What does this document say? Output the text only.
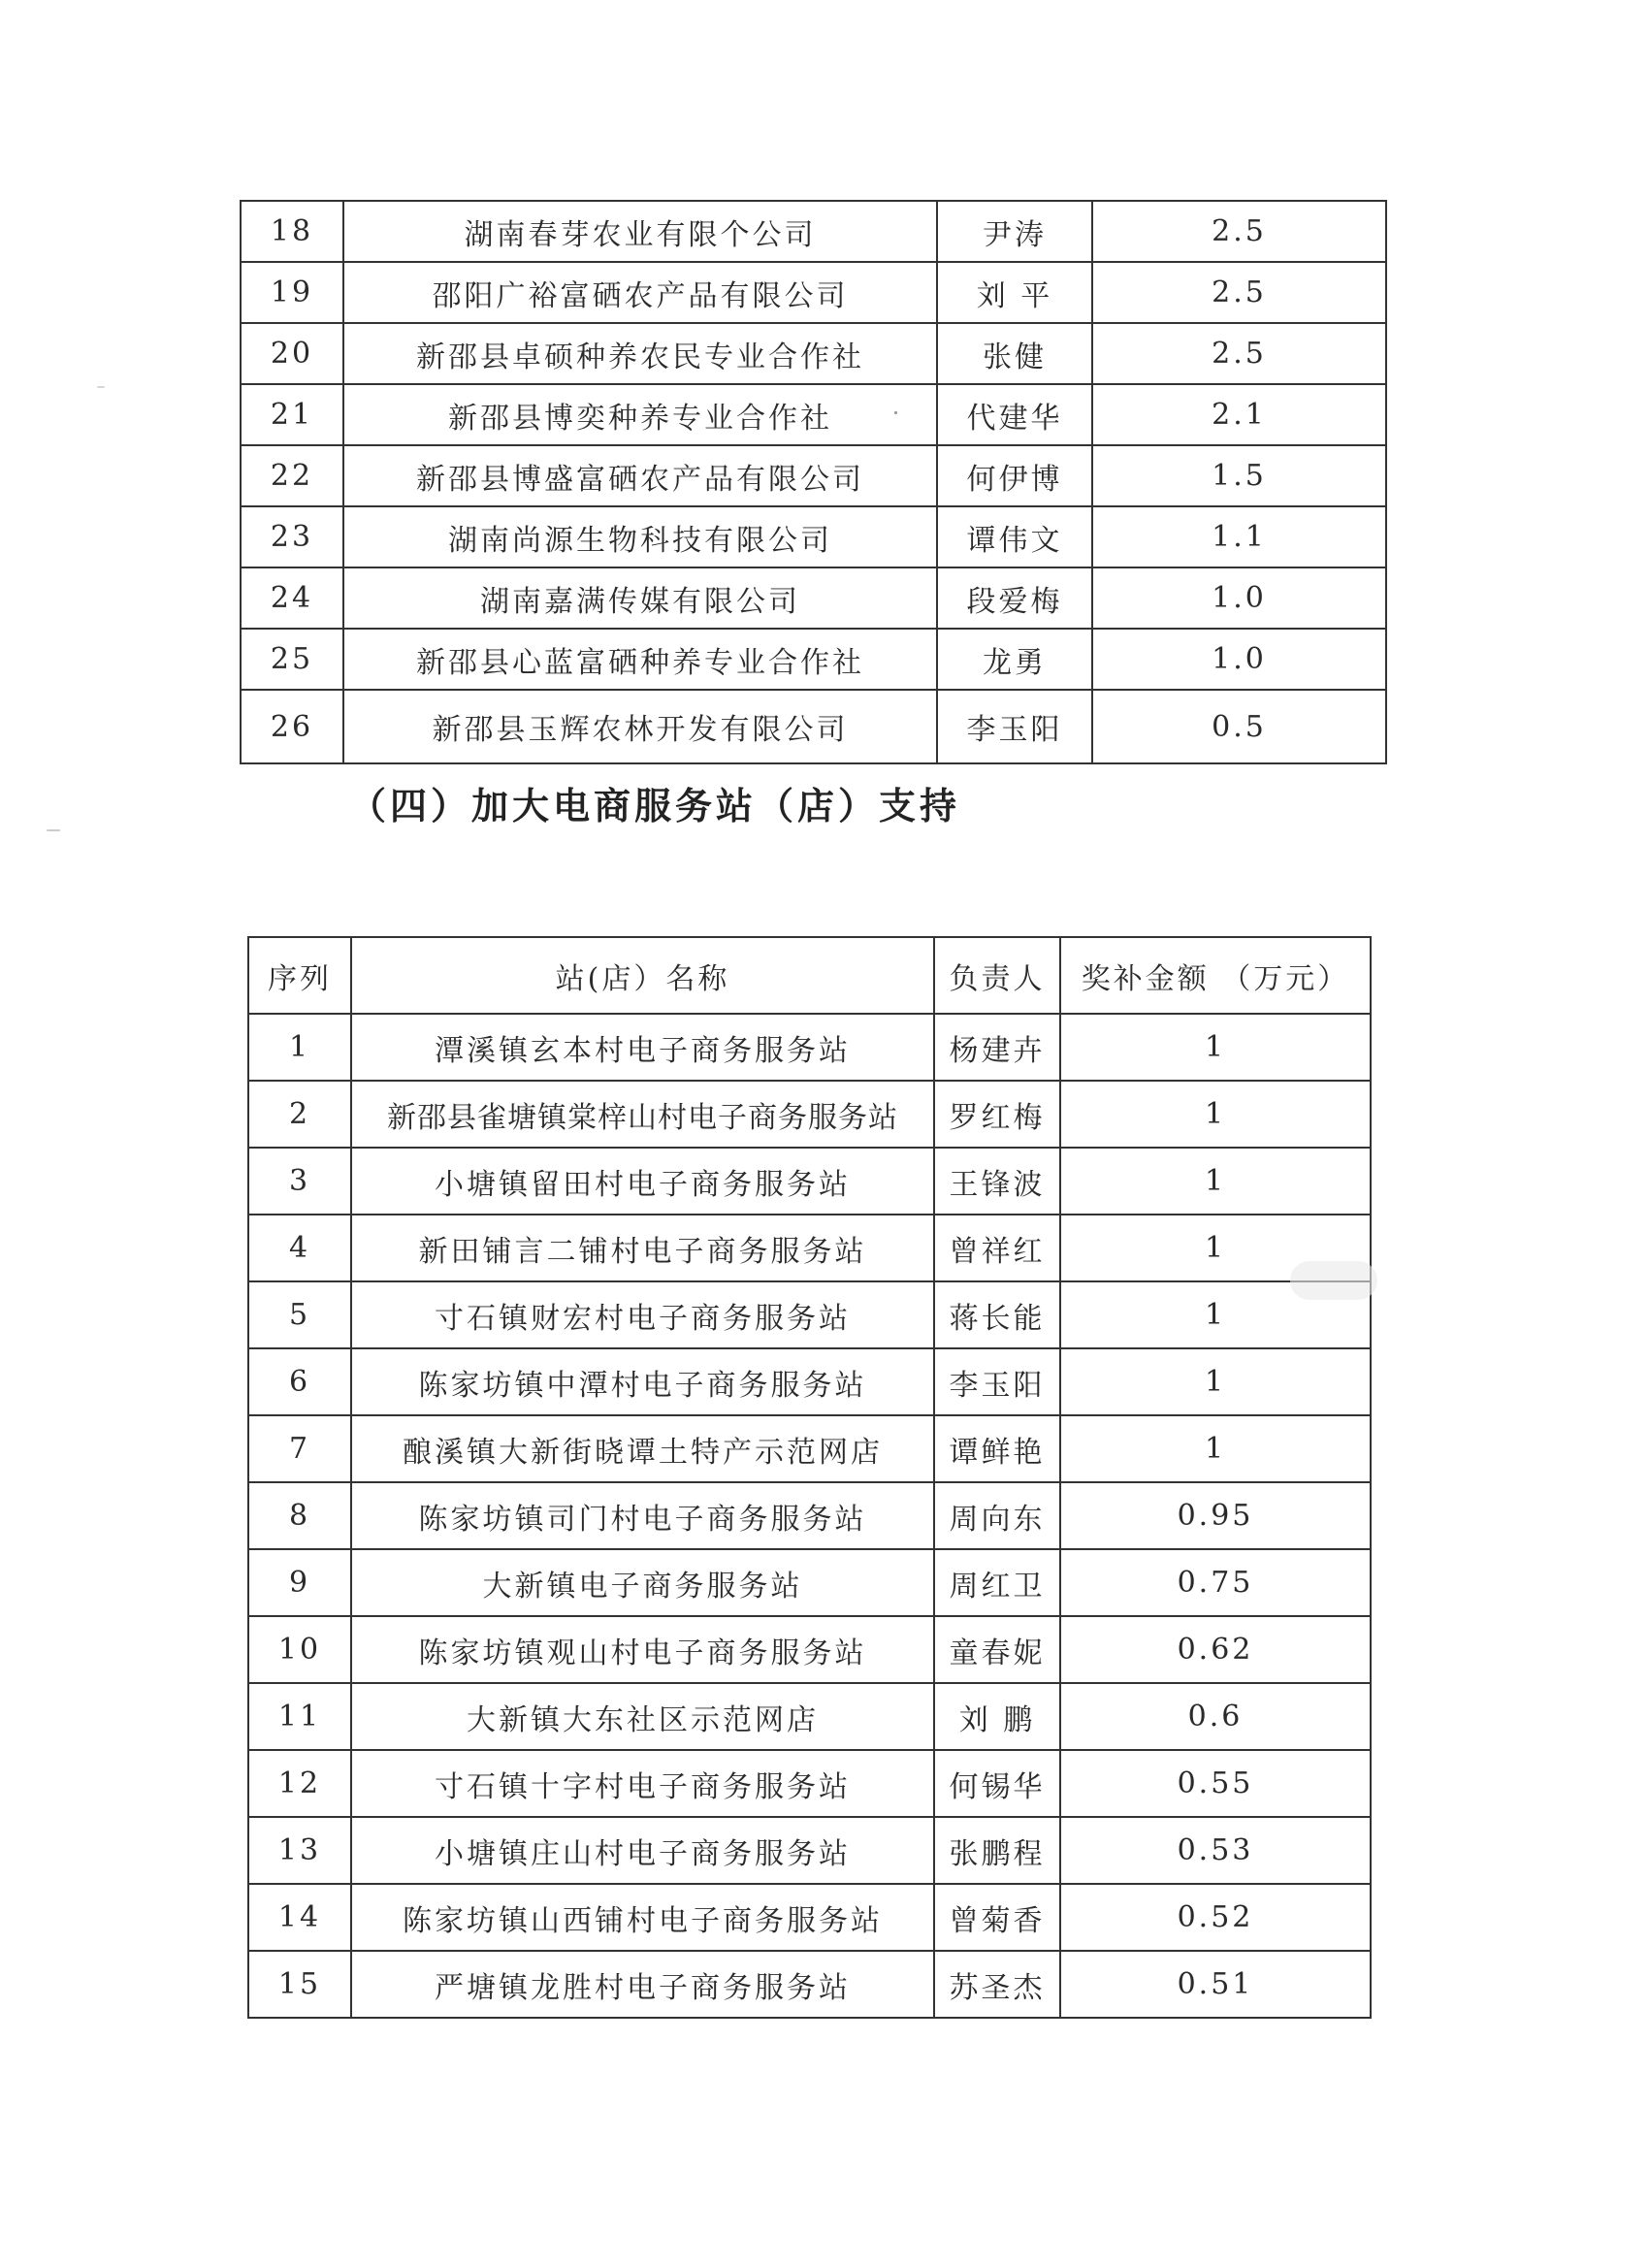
18	湖南春芽农业有限个公司	尹涛	2.5
19	邵阳广裕富硒农产品有限公司	刘 平	2.5
20	新邵县卓硕种养农民专业合作社	张健	2.5
21	新邵县博奕种养专业合作社	代建华	2.1
22	新邵县博盛富硒农产品有限公司	何伊博	1.5
23	湖南尚源生物科技有限公司	谭伟文	1.1
24	湖南嘉满传媒有限公司	段爱梅	1.0
25	新邵县心蓝富硒种养专业合作社	龙勇	1.0
26	新邵县玉辉农林开发有限公司	李玉阳	0.5
（四）加大电商服务站（店）支持
序列	站(店）名称	负责人	奖补金额 （万元）
1	潭溪镇玄本村电子商务服务站	杨建卉	1
2	新邵县雀塘镇棠梓山村电子商务服务站	罗红梅	1
3	小塘镇留田村电子商务服务站	王锋波	1
4	新田铺言二铺村电子商务服务站	曾祥红	1
5	寸石镇财宏村电子商务服务站	蒋长能	1
6	陈家坊镇中潭村电子商务服务站	李玉阳	1
7	酿溪镇大新街晓谭土特产示范网店	谭鲜艳	1
8	陈家坊镇司门村电子商务服务站	周向东	0.95
9	大新镇电子商务服务站	周红卫	0.75
10	陈家坊镇观山村电子商务服务站	童春妮	0.62
11	大新镇大东社区示范网店	刘 鹏	0.6
12	寸石镇十字村电子商务服务站	何锡华	0.55
13	小塘镇庄山村电子商务服务站	张鹏程	0.53
14	陈家坊镇山西铺村电子商务服务站	曾菊香	0.52
15	严塘镇龙胜村电子商务服务站	苏圣杰	0.51
